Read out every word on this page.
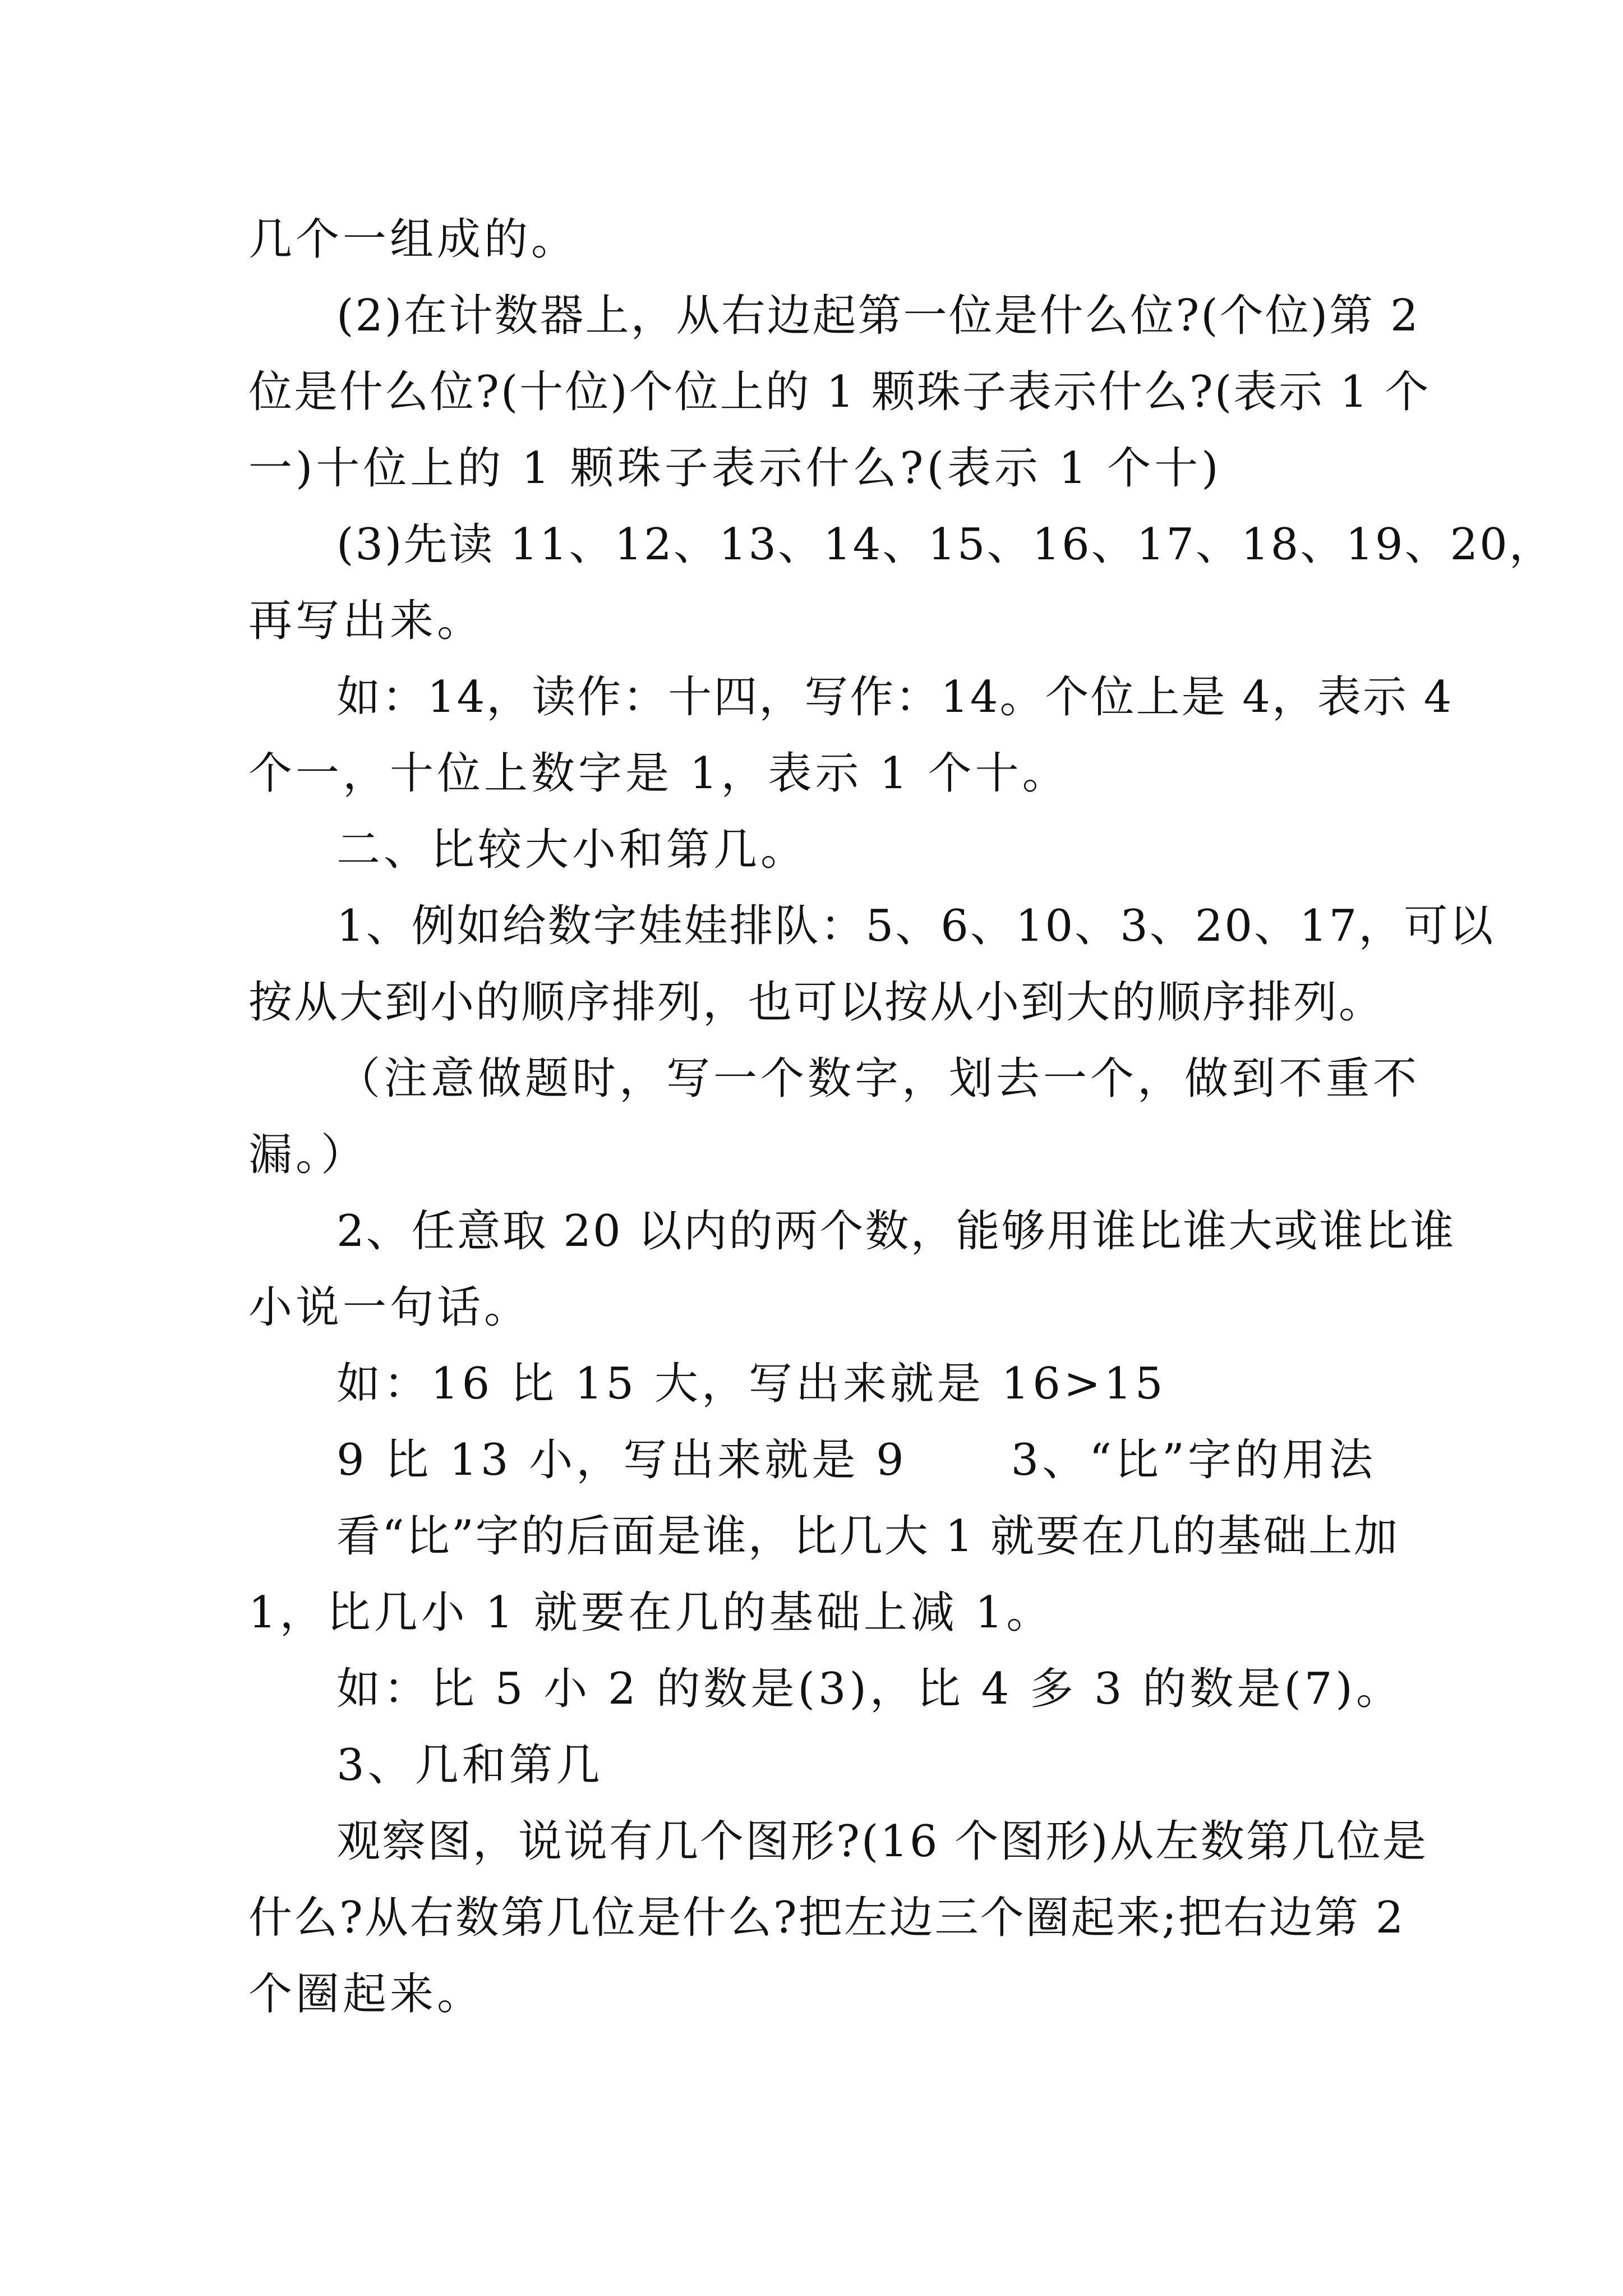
几个一组成的。
(2)在计数器上，从右边起第一位是什么位?(个位)第 2
位是什么位?(十位)个位上的 1 颗珠子表示什么?(表示 1 个
一)十位上的 1 颗珠子表示什么?(表示 1 个十)
(3)先读 11、12、13、14、15、16、17、18、19、20，
再写出来。
如：14，读作：十四，写作：14。个位上是 4，表示 4
个一，十位上数字是 1，表示 1 个十。
二、比较大小和第几。
1、例如给数字娃娃排队：5、6、10、3、20、17，可以
按从大到小的顺序排列，也可以按从小到大的顺序排列。
（注意做题时，写一个数字，划去一个，做到不重不
漏。）
2、任意取 20 以内的两个数，能够用谁比谁大或谁比谁
小说一句话。
如：16 比 15 大，写出来就是 16>15
9 比 13 小，写出来就是 9      3、“比”字的用法
看“比”字的后面是谁，比几大 1 就要在几的基础上加
1，比几小 1 就要在几的基础上减 1。
如：比 5 小 2 的数是(3)，比 4 多 3 的数是(7)。
3、几和第几
观察图，说说有几个图形?(16 个图形)从左数第几位是
什么?从右数第几位是什么?把左边三个圈起来;把右边第 2
个圈起来。
